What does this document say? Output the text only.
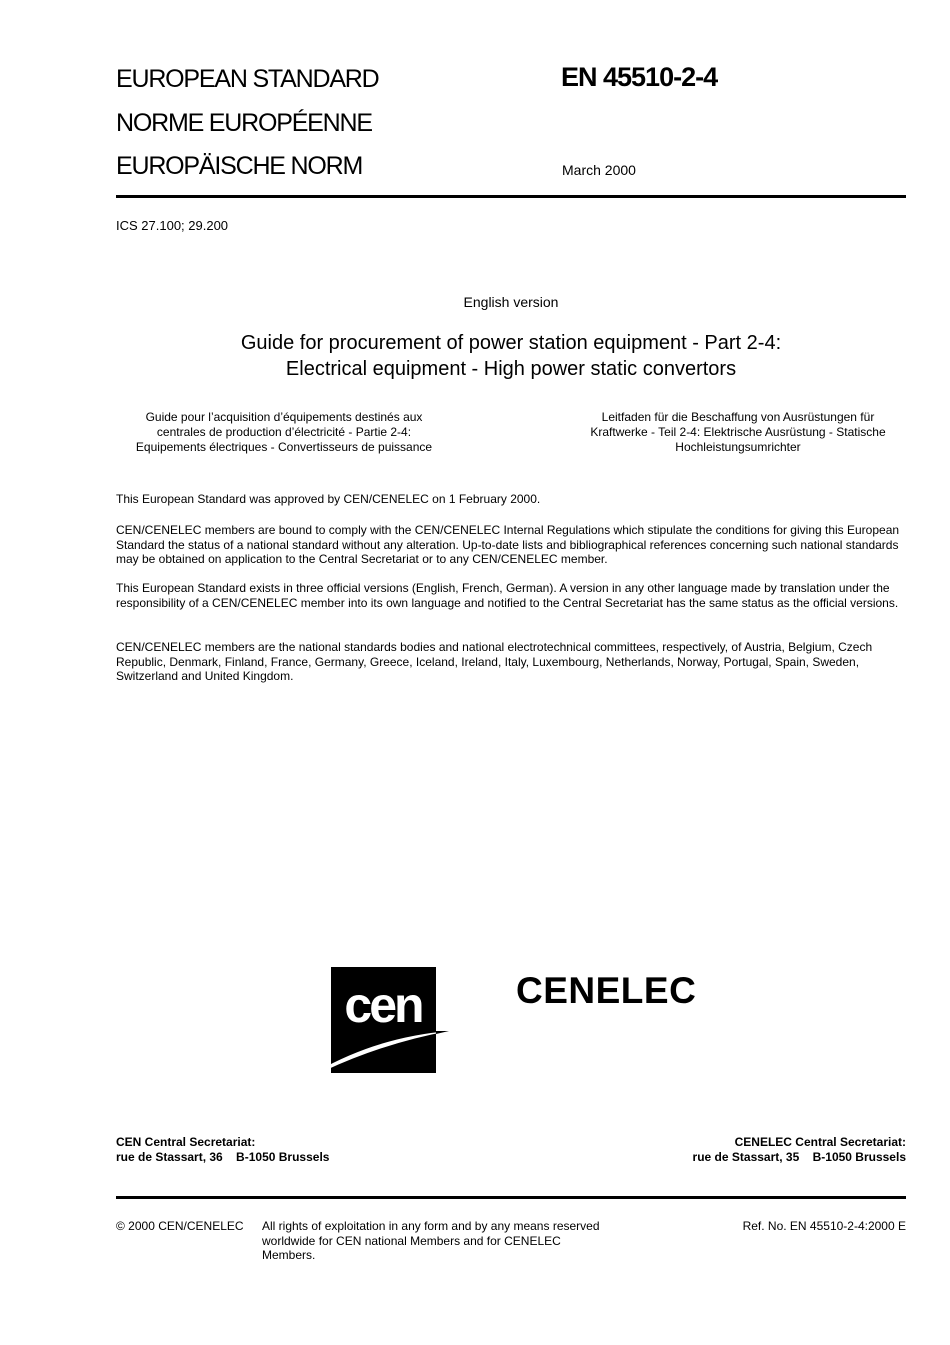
EUROPEAN STANDARD
NORME EUROPÉENNE
EUROPÄISCHE NORM
EN 45510-2-4
March 2000
ICS 27.100; 29.200
English version
Guide for procurement of power station equipment - Part 2-4:
Electrical equipment - High power static convertors
Guide pour l’acquisition d’équipements destinés aux
centrales de production d’électricité - Partie 2-4:
Equipements électriques - Convertisseurs de puissance
Leitfaden für die Beschaffung von Ausrüstungen für
Kraftwerke - Teil 2-4: Elektrische Ausrüstung - Statische
Hochleistungsumrichter
This European Standard was approved by CEN/CENELEC on 1 February 2000.
CEN/CENELEC members are bound to comply with the CEN/CENELEC Internal Regulations which stipulate the conditions for giving this European Standard the status of a national standard without any alteration. Up-to-date lists and bibliographical references concerning such national standards may be obtained on application to the Central Secretariat or to any CEN/CENELEC member.
This European Standard exists in three official versions (English, French, German). A version in any other language made by translation under the responsibility of a CEN/CENELEC member into its own language and notified to the Central Secretariat has the same status as the official versions.
CEN/CENELEC members are the national standards bodies and national electrotechnical committees, respectively, of Austria, Belgium, Czech Republic, Denmark, Finland, France, Germany, Greece, Iceland, Ireland, Italy, Luxembourg, Netherlands, Norway, Portugal, Spain, Sweden, Switzerland and United Kingdom.
cen	CENELEC
CEN Central Secretariat:
rue de Stassart, 36    B-1050 Brussels
CENELEC Central Secretariat:
rue de Stassart, 35    B-1050 Brussels
© 2000 CEN/CENELEC All rights of exploitation in any form and by any means reserved
worldwide for CEN national Members and for CENELEC
Members.
Ref. No. EN 45510-2-4:2000 E
